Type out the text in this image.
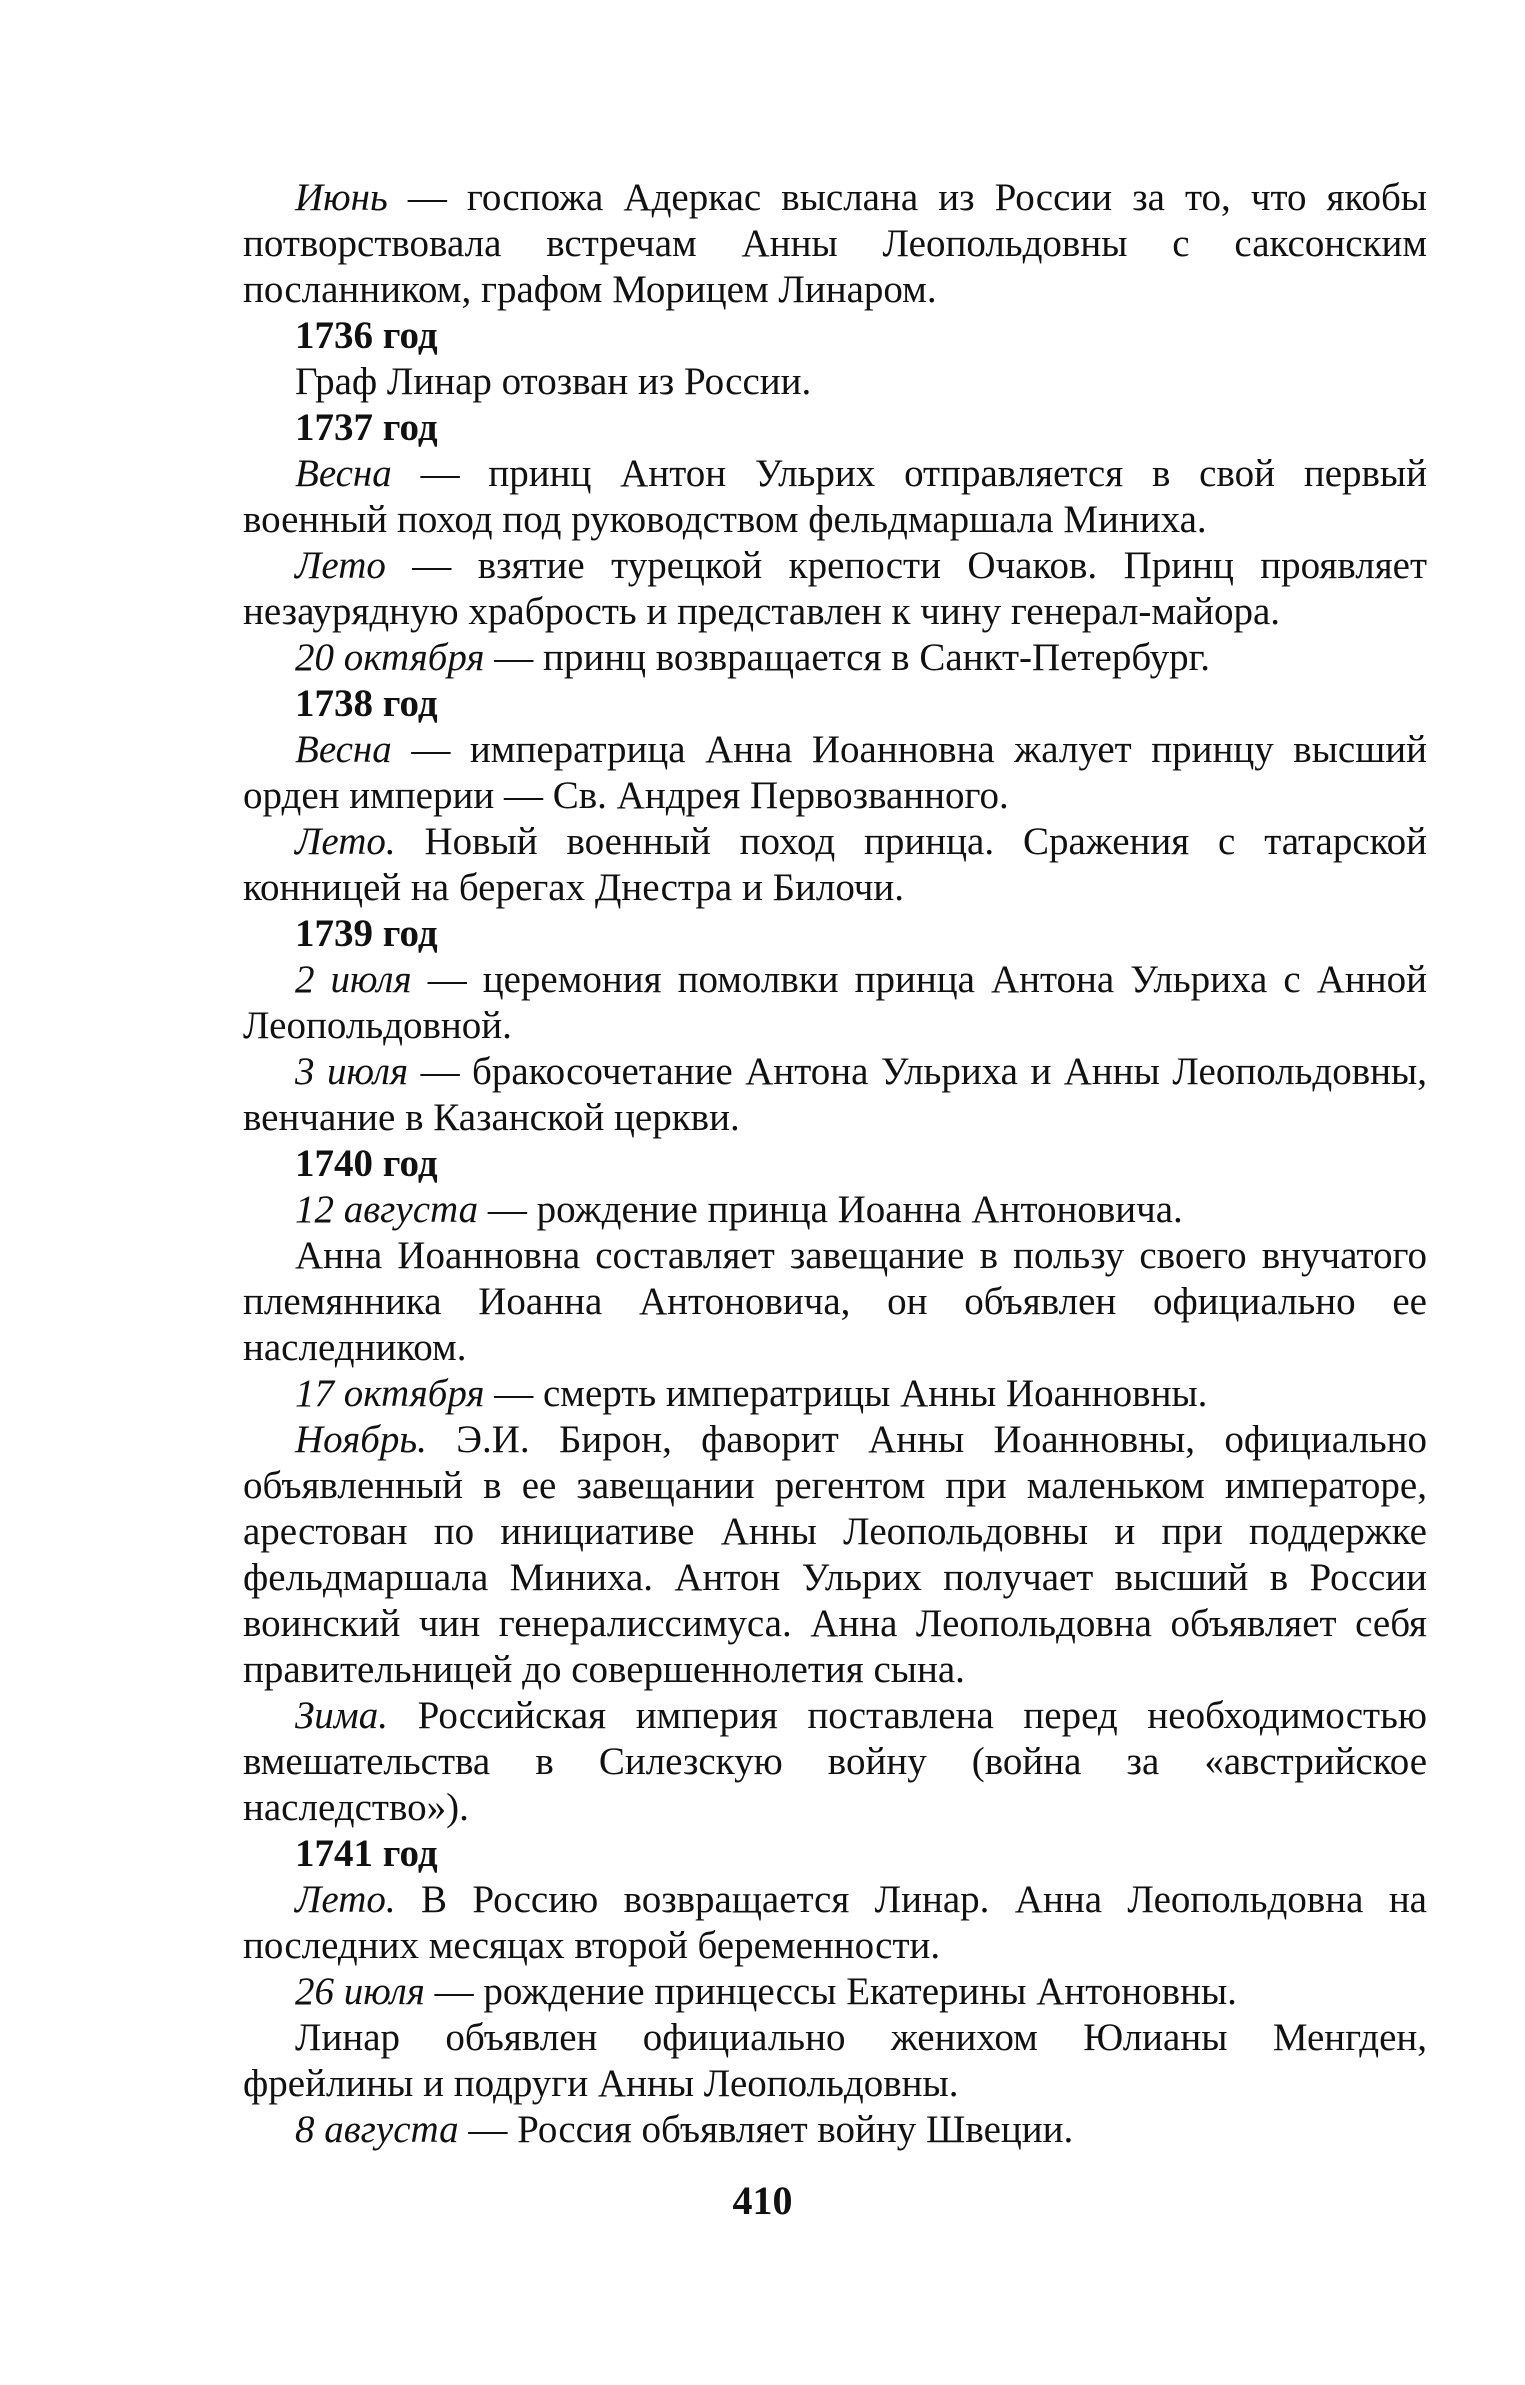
Июнь — госпожа Адеркас выслана из России за то, что якобы потворствовала встречам Анны Леопольдовны с саксонским посланником, графом Морицем Линаром.

1736 год

Граф Линар отозван из России.

1737 год

Весна — принц Антон Ульрих отправляется в свой первый военный поход под руководством фельдмаршала Миниха.

Лето — взятие турецкой крепости Очаков. Принц проявляет незаурядную храбрость и представлен к чину генерал-майора.

20 октября — принц возвращается в Санкт-Петербург.

1738 год

Весна — императрица Анна Иоанновна жалует принцу высший орден империи — Св. Андрея Первозванного.

Лето. Новый военный поход принца. Сражения с татарской конницей на берегах Днестра и Билочи.

1739 год

2 июля — церемония помолвки принца Антона Ульриха с Анной Леопольдовной.

3 июля — бракосочетание Антона Ульриха и Анны Леопольдовны, венчание в Казанской церкви.

1740 год

12 августа — рождение принца Иоанна Антоновича.

Анна Иоанновна составляет завещание в пользу своего внучатого племянника Иоанна Антоновича, он объявлен официально ее наследником.

17 октября — смерть императрицы Анны Иоанновны.

Ноябрь. Э.И. Бирон, фаворит Анны Иоанновны, официально объявленный в ее завещании регентом при маленьком императоре, арестован по инициативе Анны Леопольдовны и при поддержке фельдмаршала Миниха. Антон Ульрих получает высший в России воинский чин генералиссимуса. Анна Леопольдовна объявляет себя правительницей до совершеннолетия сына.

Зима. Российская империя поставлена перед необходимостью вмешательства в Силезскую войну (война за «австрийское наследство»).

1741 год

Лето. В Россию возвращается Линар. Анна Леопольдовна на последних месяцах второй беременности.

26 июля — рождение принцессы Екатерины Антоновны.

Линар объявлен официально женихом Юлианы Менгден, фрейлины и подруги Анны Леопольдовны.

8 августа — Россия объявляет войну Швеции.

410
